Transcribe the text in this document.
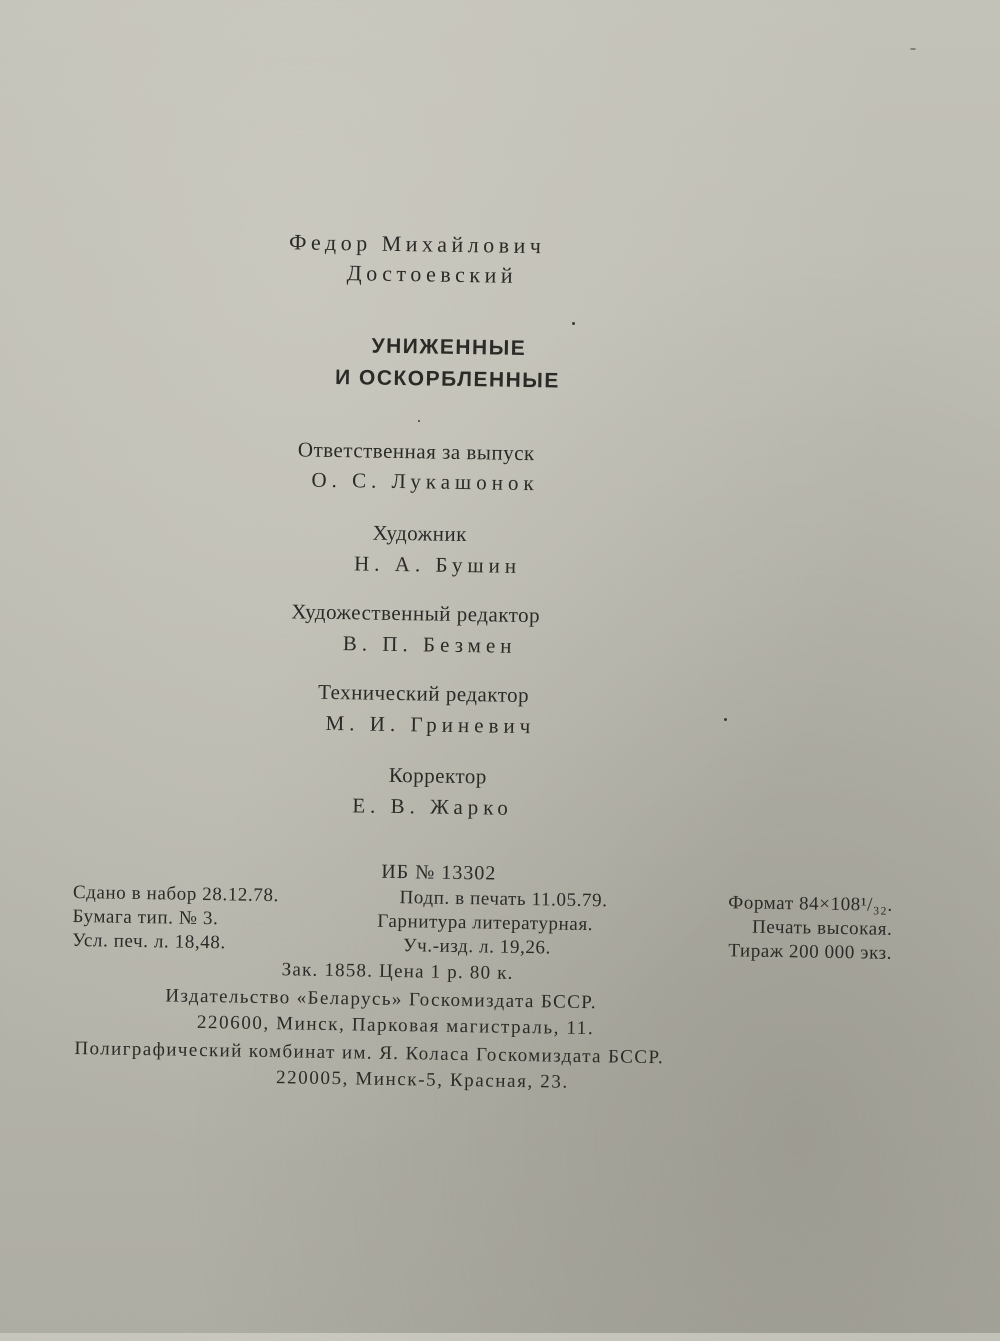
Федор Михайлович
Достоевский
УНИЖЕННЫЕ
И ОСКОРБЛЕННЫЕ
Ответственная за выпуск
О. С. Лукашонок
Художник
Н. А. Бушин
Художественный редактор
В. П. Безмен
Технический редактор
М. И. Гриневич
Корректор
Е. В. Жарко
ИБ № 13302
Сдано в набор 28.12.78.	Подп. в печать 11.05.79.	Формат 84×108¹/₃₂.
Бумага тип. № 3.	Гарнитура литературная.	Печать высокая.
Усл. печ. л. 18,48.	Уч.-изд. л. 19,26.	Тираж 200 000 экз.
Зак. 1858. Цена 1 р. 80 к.
Издательство «Беларусь» Госкомиздата БССР.
220600, Минск, Парковая магистраль, 11.
Полиграфический комбинат им. Я. Коласа Госкомиздата БССР.
220005, Минск-5, Красная, 23.
